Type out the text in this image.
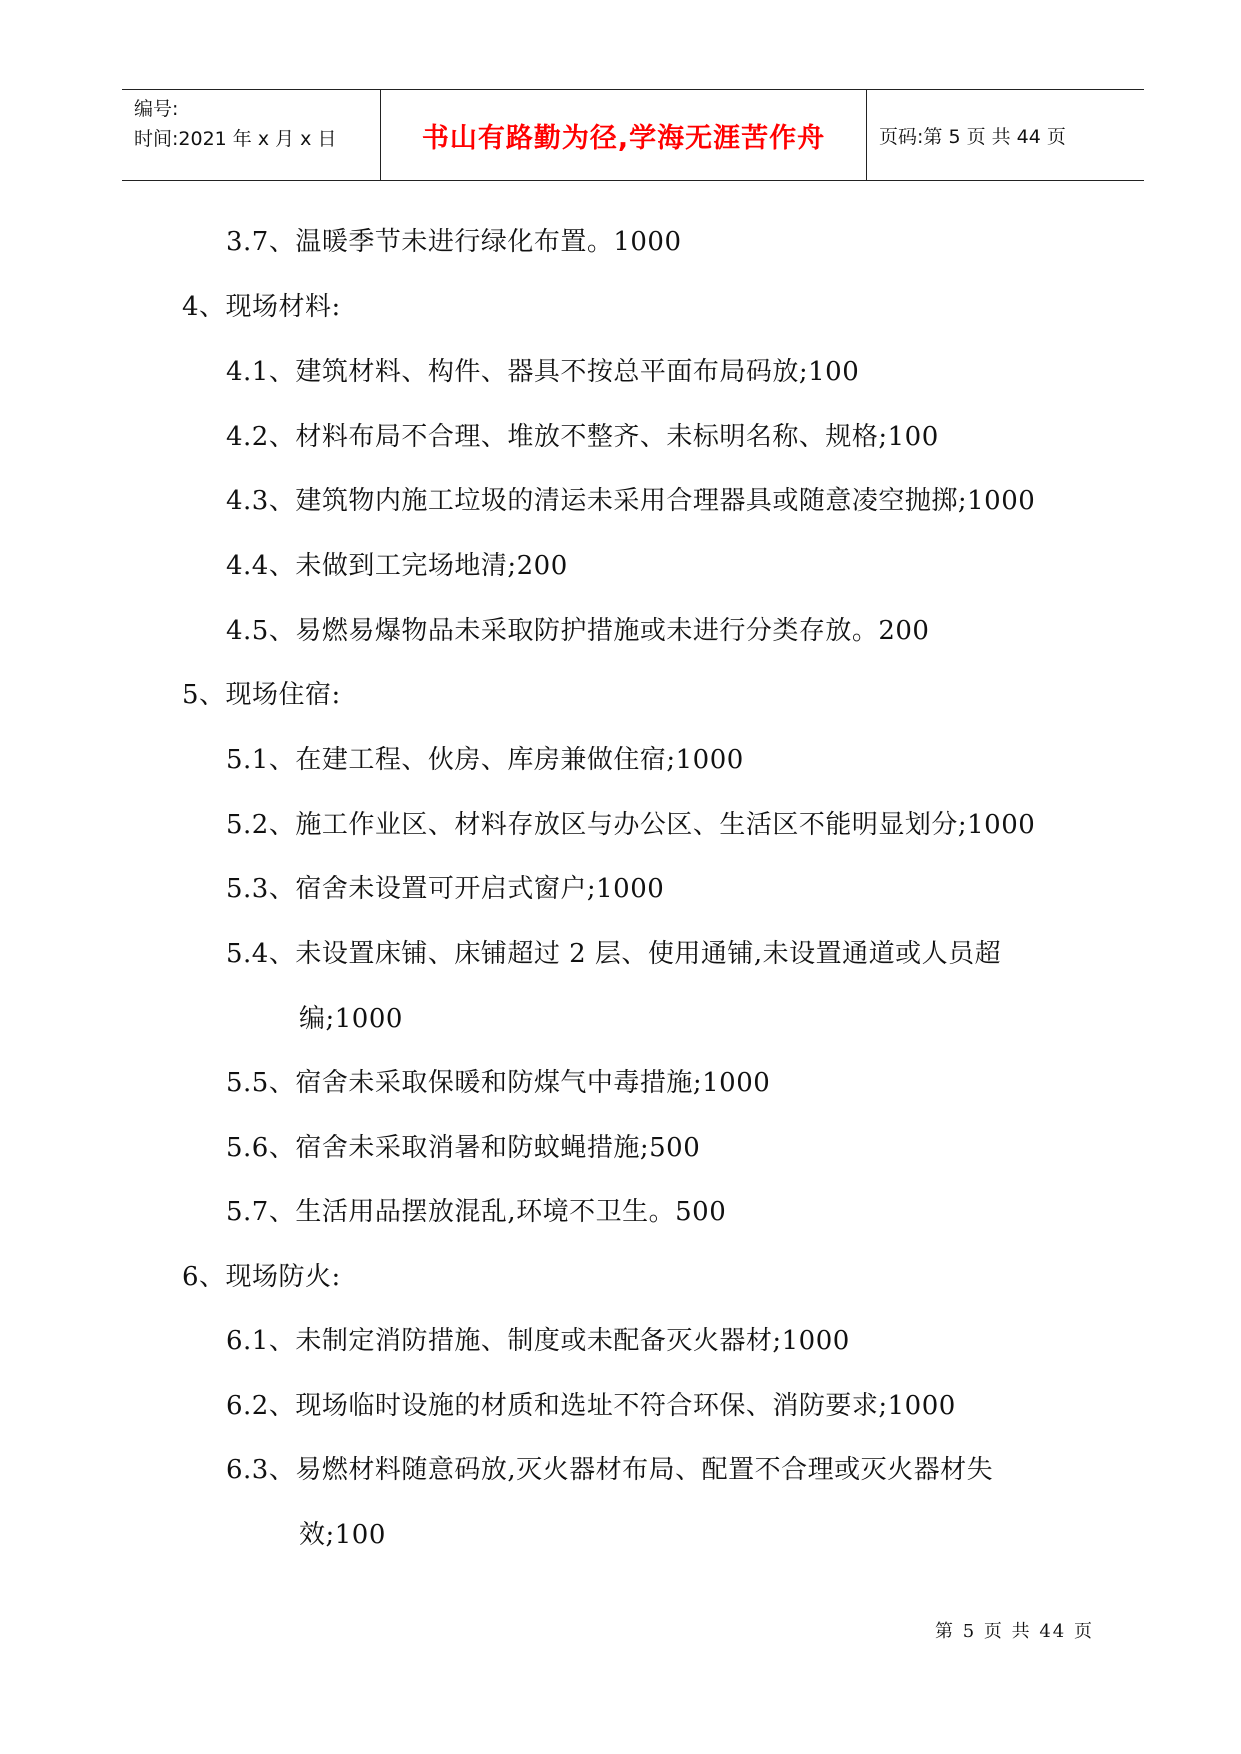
编号:
时间:2021 年 x 月 x 日	书山有路勤为径,学海无涯苦作舟	页码:第 5 页 共 44 页
3.7、温暖季节未进行绿化布置。1000
4、现场材料:
4.1、建筑材料、构件、器具不按总平面布局码放;100
4.2、材料布局不合理、堆放不整齐、未标明名称、规格;100
4.3、建筑物内施工垃圾的清运未采用合理器具或随意凌空抛掷;1000
4.4、未做到工完场地清;200
4.5、易燃易爆物品未采取防护措施或未进行分类存放。200
5、现场住宿:
5.1、在建工程、伙房、库房兼做住宿;1000
5.2、施工作业区、材料存放区与办公区、生活区不能明显划分;1000
5.3、宿舍未设置可开启式窗户;1000
5.4、未设置床铺、床铺超过 2 层、使用通铺,未设置通道或人员超
编;1000
5.5、宿舍未采取保暖和防煤气中毒措施;1000
5.6、宿舍未采取消暑和防蚊蝇措施;500
5.7、生活用品摆放混乱,环境不卫生。500
6、现场防火:
6.1、未制定消防措施、制度或未配备灭火器材;1000
6.2、现场临时设施的材质和选址不符合环保、消防要求;1000
6.3、易燃材料随意码放,灭火器材布局、配置不合理或灭火器材失
效;100
第 5 页 共 44 页
